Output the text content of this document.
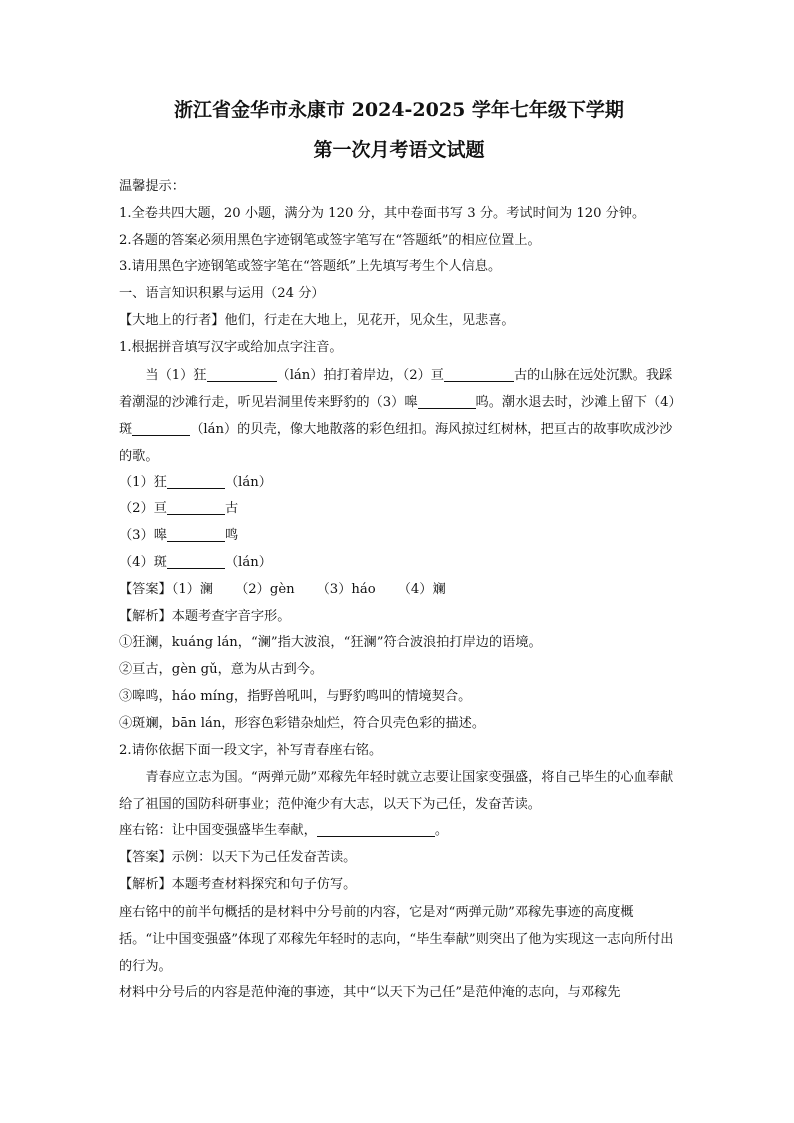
浙江省金华市永康市 2024-2025 学年七年级下学期

第一次月考语文试题

温馨提示：

1.全卷共四大题，20 小题，满分为 120 分，其中卷面书写 3 分。考试时间为 120 分钟。

2.各题的答案必须用黑色字迹钢笔或签字笔写在“答题纸”的相应位置上。

3.请用黑色字迹钢笔或签字笔在“答题纸”上先填写考生个人信息。

一、语言知识积累与运用（24 分）

【大地上的行者】他们，行走在大地上，见花开，见众生，见悲喜。

1.根据拼音填写汉字或给加点字注音。

当（1）狂	（lán）拍打着岸边，（2）亘	古的山脉在远处沉默。我踩着潮湿的沙滩行走，听见岩洞里传来野豹的（3）嗥	呜。潮水退去时，沙滩上留下（4）斑	（lán）的贝壳，像大地散落的彩色纽扣。海风掠过红树林，把亘古的故事吹成沙沙的歌。

（1）狂	（lán）

（2）亘	古

（3）嗥	鸣

（4）斑	（lán）

【答案】（1）澜 （2）gèn （3）háo （4）斓

【解析】本题考查字音字形。

①狂澜，kuáng lán，“澜”指大波浪，“狂澜”符合波浪拍打岸边的语境。

②亘古，gèn gǔ，意为从古到今。

③嗥鸣，háo míng，指野兽吼叫，与野豹鸣叫的情境契合。

④斑斓，bān lán，形容色彩错杂灿烂，符合贝壳色彩的描述。

2.请你依据下面一段文字，补写青春座右铭。

青春应立志为国。“两弹元勋”邓稼先年轻时就立志要让国家变强盛，将自己毕生的心血奉献给了祖国的国防科研事业；范仲淹少有大志，以天下为己任，发奋苦读。

座右铭：让中国变强盛毕生奉献，	。

【答案】示例：以天下为己任发奋苦读。

【解析】本题考查材料探究和句子仿写。

座右铭中的前半句概括的是材料中分号前的内容，它是对“两弹元勋”邓稼先事迹的高度概括。“让中国变强盛”体现了邓稼先年轻时的志向，“毕生奉献”则突出了他为实现这一志向所付出的行为。

材料中分号后的内容是范仲淹的事迹，其中“以天下为己任”是范仲淹的志向，与邓稼先
